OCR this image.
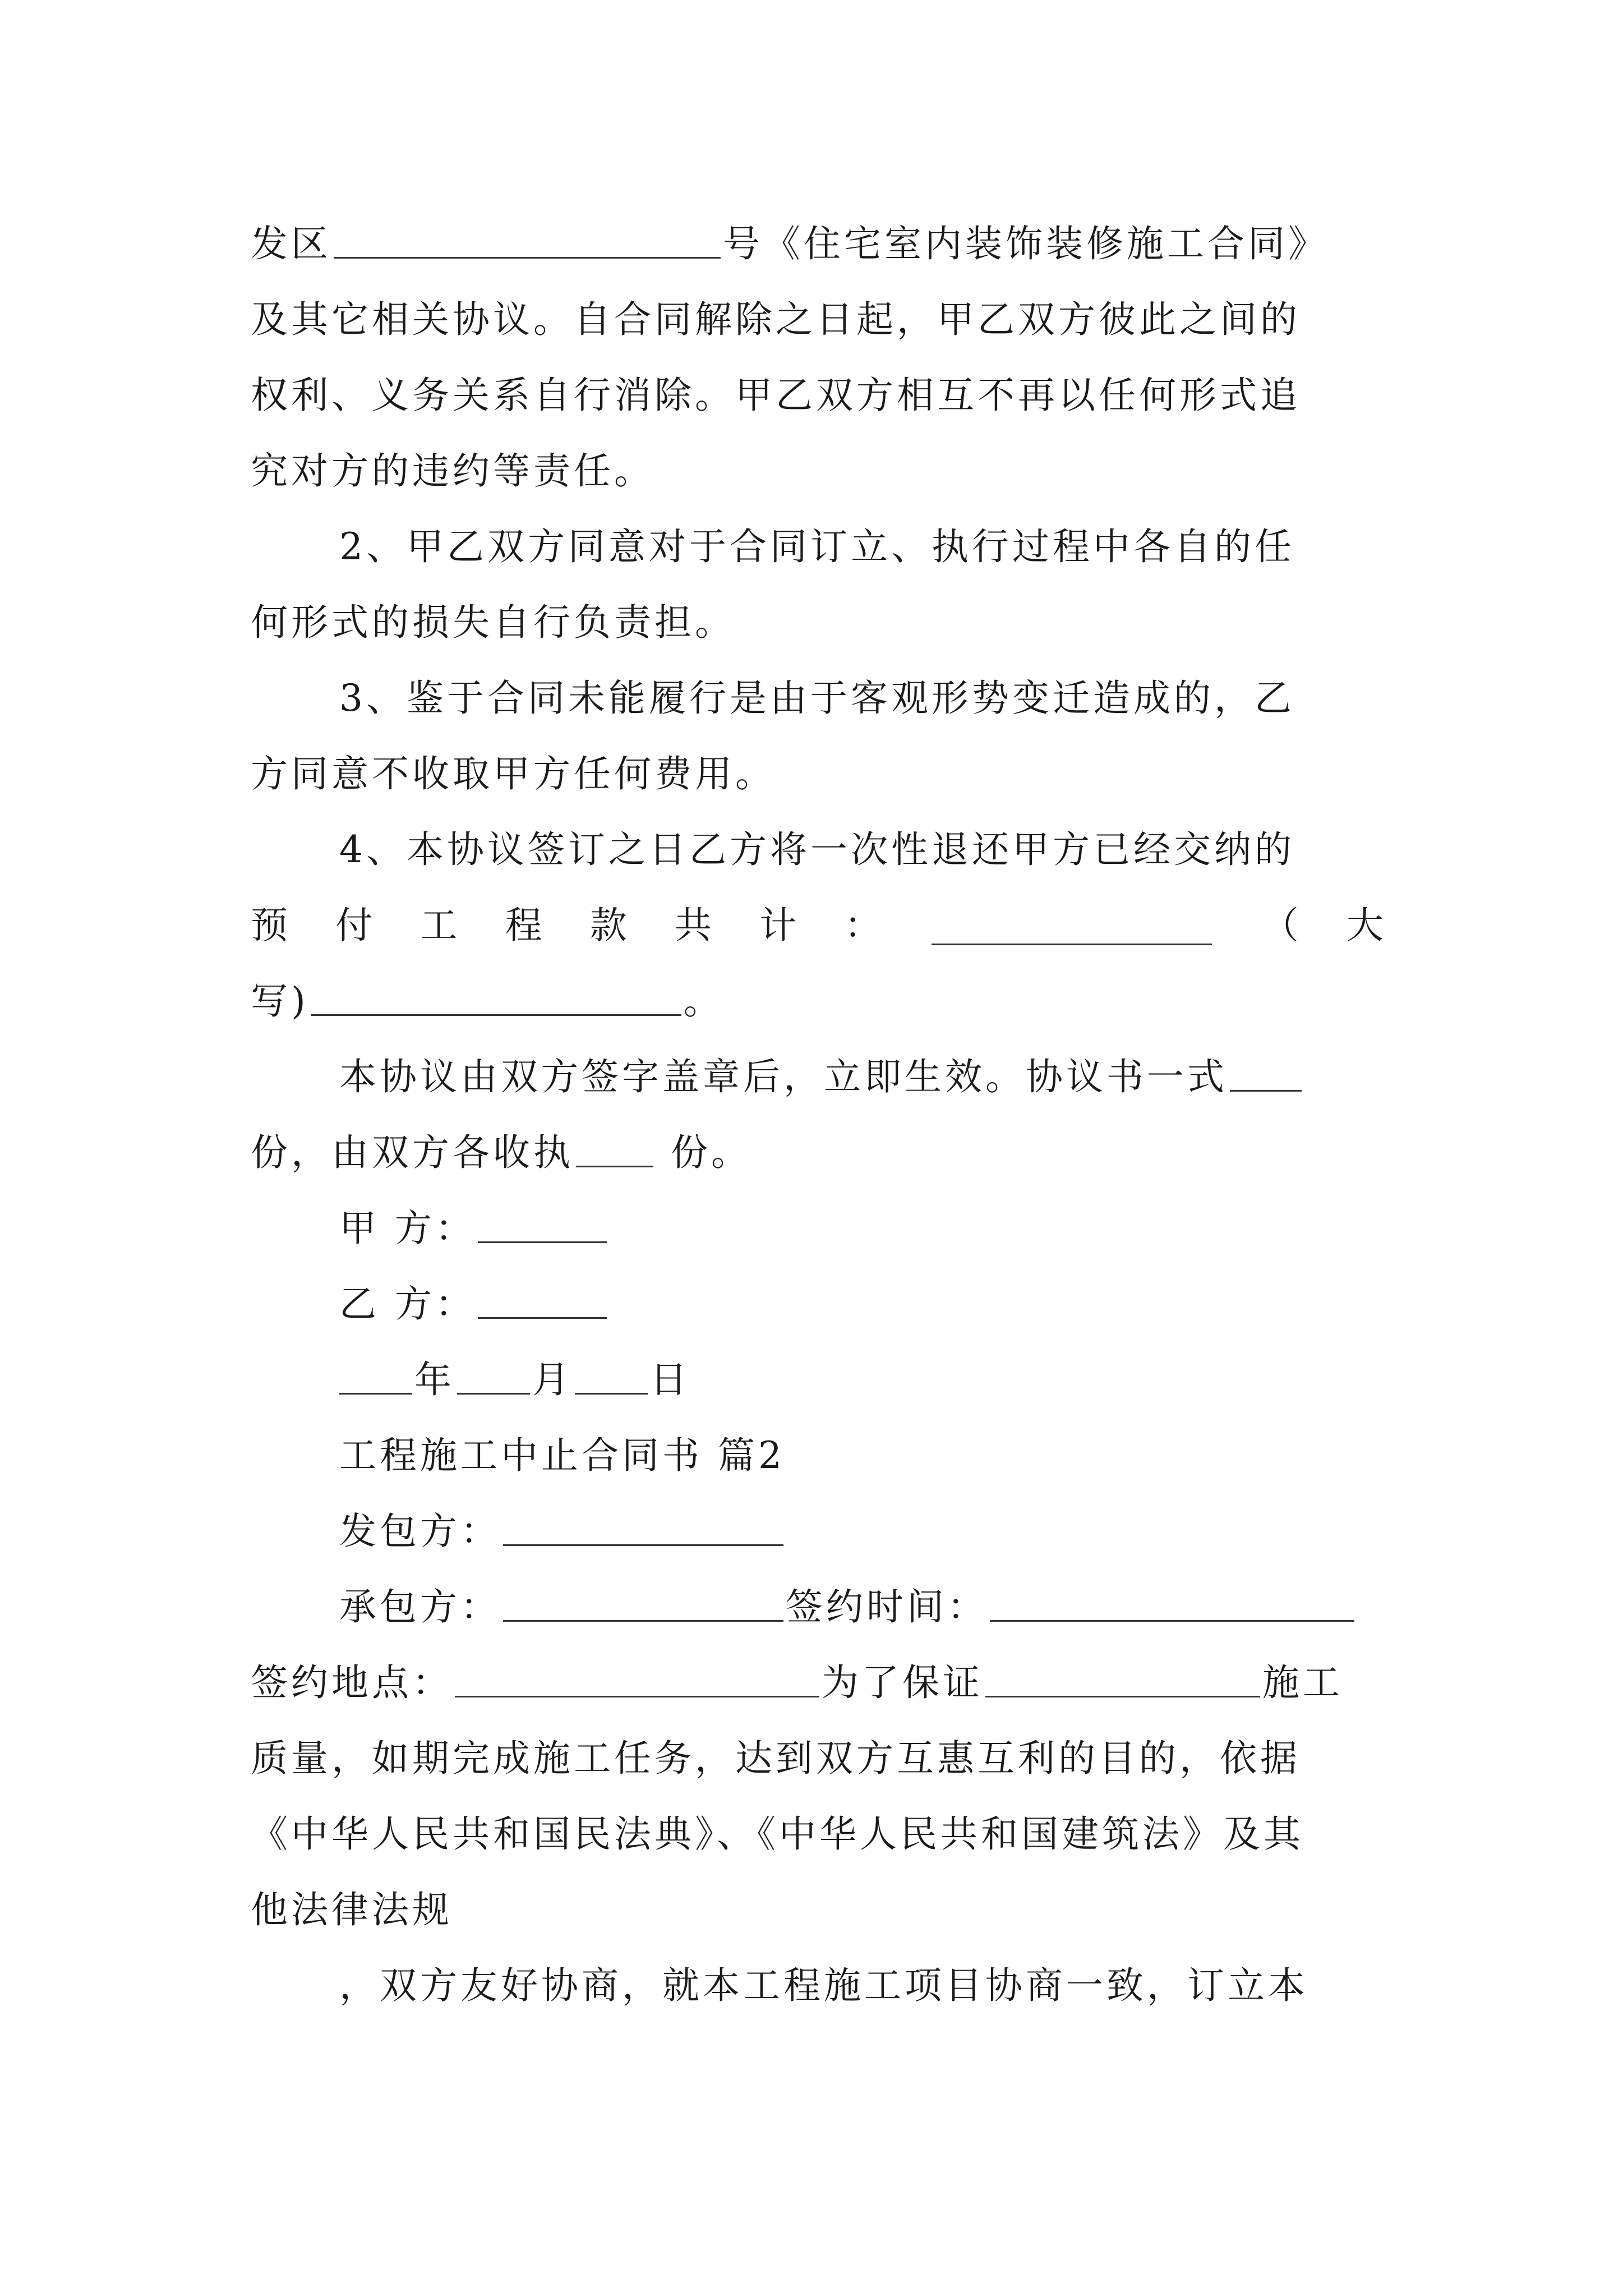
发区	号《住宅室内装饰装修施工合同》
及其它相关协议。自合同解除之日起，甲乙双方彼此之间的
权利、义务关系自行消除。甲乙双方相互不再以任何形式追
究对方的违约等责任。
2、甲乙双方同意对于合同订立、执行过程中各自的任
何形式的损失自行负责担。
3、鉴于合同未能履行是由于客观形势变迁造成的，乙
方同意不收取甲方任何费用。
4、本协议签订之日乙方将一次性退还甲方已经交纳的
预 付 工 程 款 共 计 ：	（ 大
写)	。
本协议由双方签字盖章后，立即生效。协议书一式
份，由双方各收执	份。
甲 方：
乙 方：
年 月 日
工程施工中止合同书 篇2
发包方：
承包方：	签约时间：
签约地点：	为了保证	施工
质量，如期完成施工任务，达到双方互惠互利的目的，依据
《中华人民共和国民法典》、《中华人民共和国建筑法》及其
他法律法规
，双方友好协商，就本工程施工项目协商一致，订立本
